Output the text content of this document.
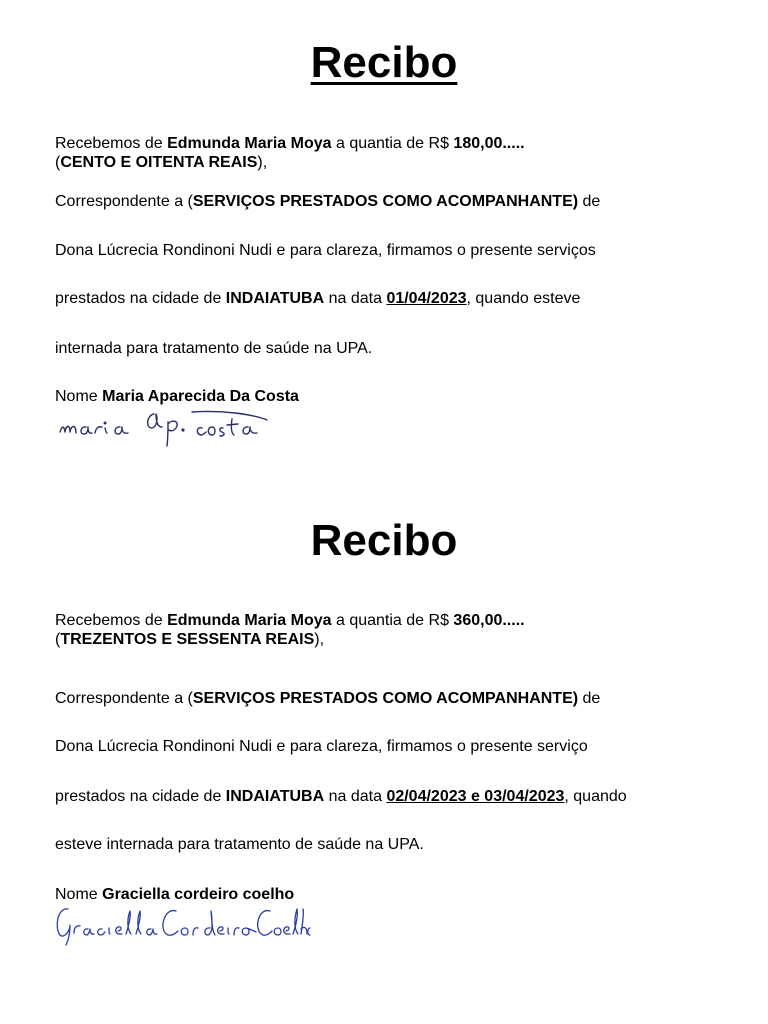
Recibo

Recebemos de Edmunda Maria Moya a quantia de R$ 180,00.....

(CENTO E OITENTA REAIS),

Correspondente a (SERVIÇOS PRESTADOS COMO ACOMPANHANTE) de

Dona Lúcrecia Rondinoni Nudi e para clareza, firmamos o presente serviços

prestados na cidade de INDAIATUBA na data 01/04/2023, quando esteve

internada para tratamento de saúde na UPA.

Nome Maria Aparecida Da Costa

Recibo

Recebemos de Edmunda Maria Moya a quantia de R$ 360,00.....

(TREZENTOS E SESSENTA REAIS),

Correspondente a (SERVIÇOS PRESTADOS COMO ACOMPANHANTE) de

Dona Lúcrecia Rondinoni Nudi e para clareza, firmamos o presente serviço

prestados na cidade de INDAIATUBA na data 02/04/2023 e 03/04/2023, quando

esteve internada para tratamento de saúde na UPA.

Nome Graciella cordeiro coelho
